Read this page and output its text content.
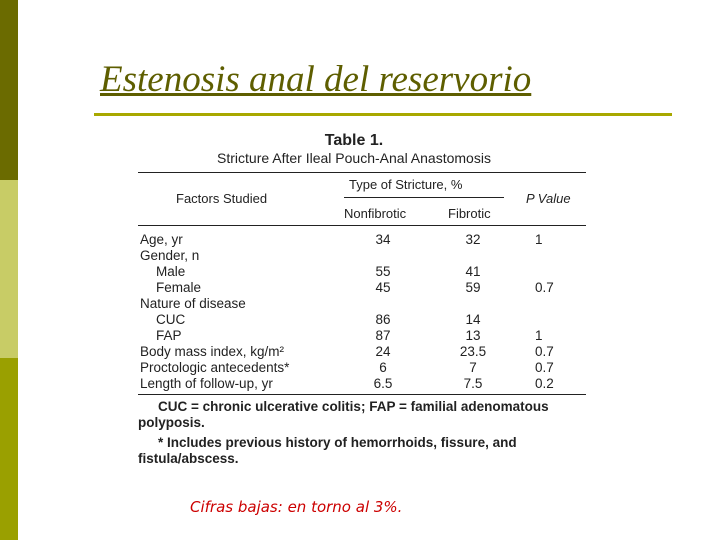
Estenosis anal del reservorio
Table 1.
Stricture After Ileal Pouch-Anal Anastomosis
Factors Studied
Type of Stricture, %
Nonfibrotic	Fibrotic
P Value
Age, yr	34	32	1
Gender, n
Male	55	41
Female	45	59	0.7
Nature of disease
CUC	86	14
FAP	87	13	1
Body mass index, kg/m²	24	23.5	0.7
Proctologic antecedents*	6	7	0.7
Length of follow-up, yr	6.5	7.5	0.2
CUC = chronic ulcerative colitis; FAP = familial adenomatous polyposis.
* Includes previous history of hemorrhoids, fissure, and fistula/abscess.
Cifras bajas: en torno al 3%.
